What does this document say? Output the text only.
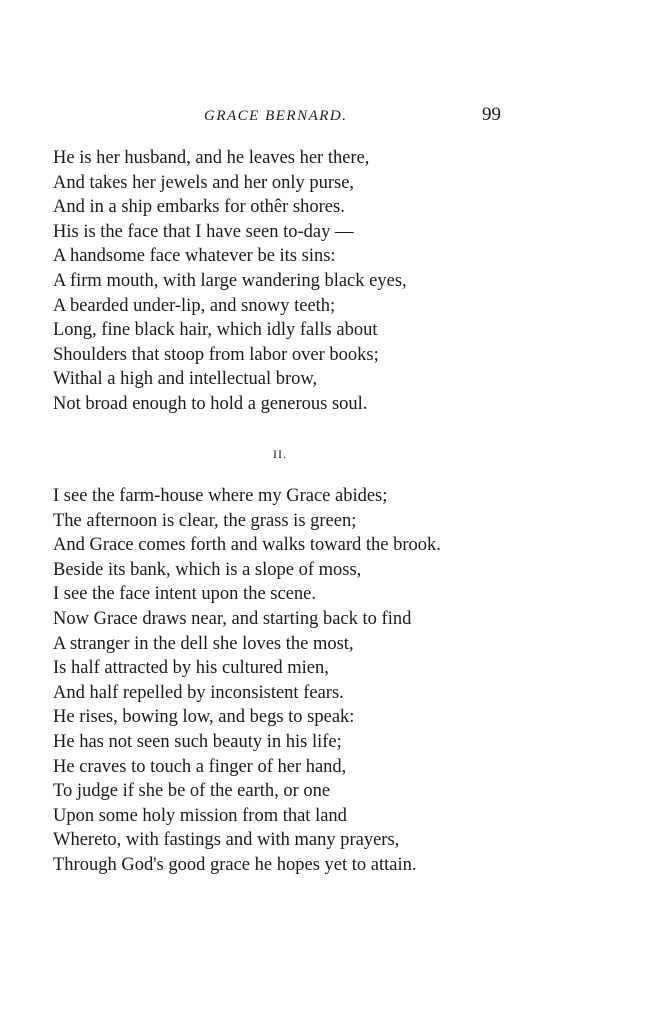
GRACE BERNARD.	99
He is her husband, and he leaves her there,
And takes her jewels and her only purse,
And in a ship embarks for othêr shores.
His is the face that I have seen to-day —
A handsome face whatever be its sins:
A firm mouth, with large wandering black eyes,
A bearded under-lip, and snowy teeth;
Long, fine black hair, which idly falls about
Shoulders that stoop from labor over books;
Withal a high and intellectual brow,
Not broad enough to hold a generous soul.
II.
I see the farm-house where my Grace abides;
The afternoon is clear, the grass is green;
And Grace comes forth and walks toward the brook.
Beside its bank, which is a slope of moss,
I see the face intent upon the scene.
Now Grace draws near, and starting back to find
A stranger in the dell she loves the most,
Is half attracted by his cultured mien,
And half repelled by inconsistent fears.
He rises, bowing low, and begs to speak:
He has not seen such beauty in his life;
He craves to touch a finger of her hand,
To judge if she be of the earth, or one
Upon some holy mission from that land
Whereto, with fastings and with many prayers,
Through God's good grace he hopes yet to attain.
